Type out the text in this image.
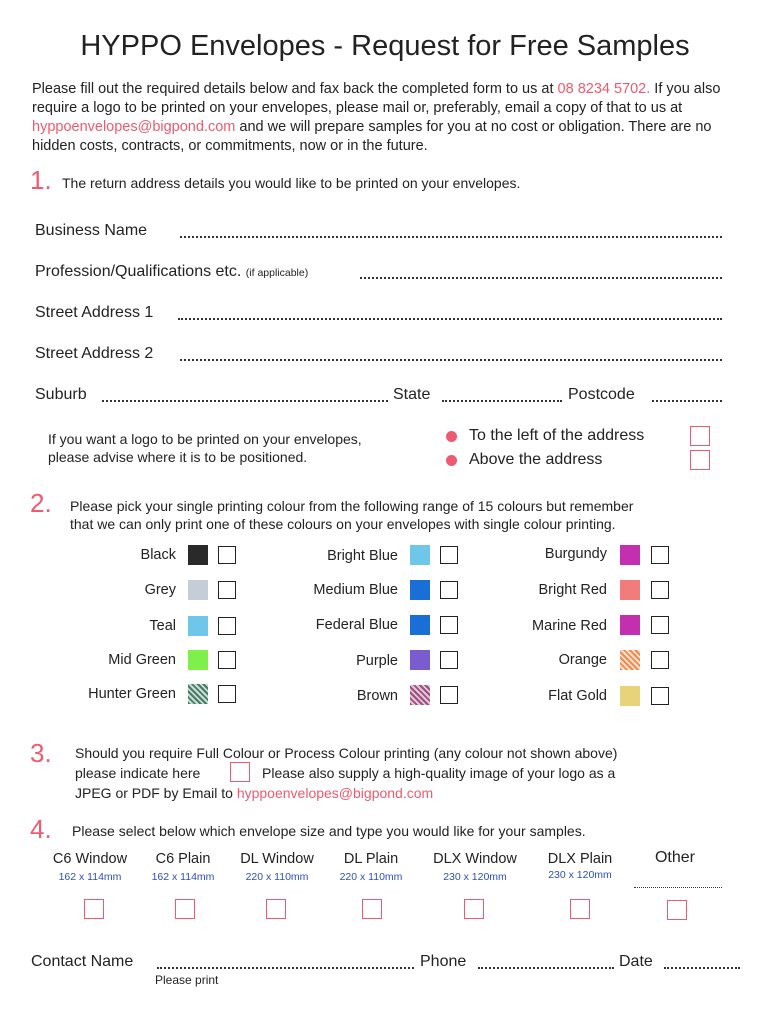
HYPPO Envelopes - Request for Free Samples
Please fill out the required details below and fax back the completed form to us at 08 8234 5702. If you also require a logo to be printed on your envelopes, please mail or, preferably, email a copy of that to us at hyppoenvelopes@bigpond.com and we will prepare samples for you at no cost or obligation. There are no hidden costs, contracts, or commitments, now or in the future.
1. The return address details you would like to be printed on your envelopes.
Business Name
Profession/Qualifications etc. (if applicable)
Street Address 1
Street Address 2
Suburb	State	Postcode
If you want a logo to be printed on your envelopes,
please advise where it is to be positioned.
To the left of the address
Above the address
2. Please pick your single printing colour from the following range of 15 colours but remember
that we can only print one of these colours on your envelopes with single colour printing.
Black
Grey
Teal
Mid Green
Hunter Green
Bright Blue
Medium Blue
Federal Blue
Purple
Brown
Burgundy
Bright Red
Marine Red
Orange
Flat Gold
3. Should you require Full Colour or Process Colour printing (any colour not shown above)
please indicate here	Please also supply a high-quality image of your logo as a
JPEG or PDF by Email to hyppoenvelopes@bigpond.com
4. Please select below which envelope size and type you would like for your samples.
C6 Window
162 x 114mm
C6 Plain
162 x 114mm
DL Window
220 x 110mm
DL Plain
220 x 110mm
DLX Window
230 x 120mm
DLX Plain
230 x 120mm
Other
Contact Name
Please print
Phone	Date
